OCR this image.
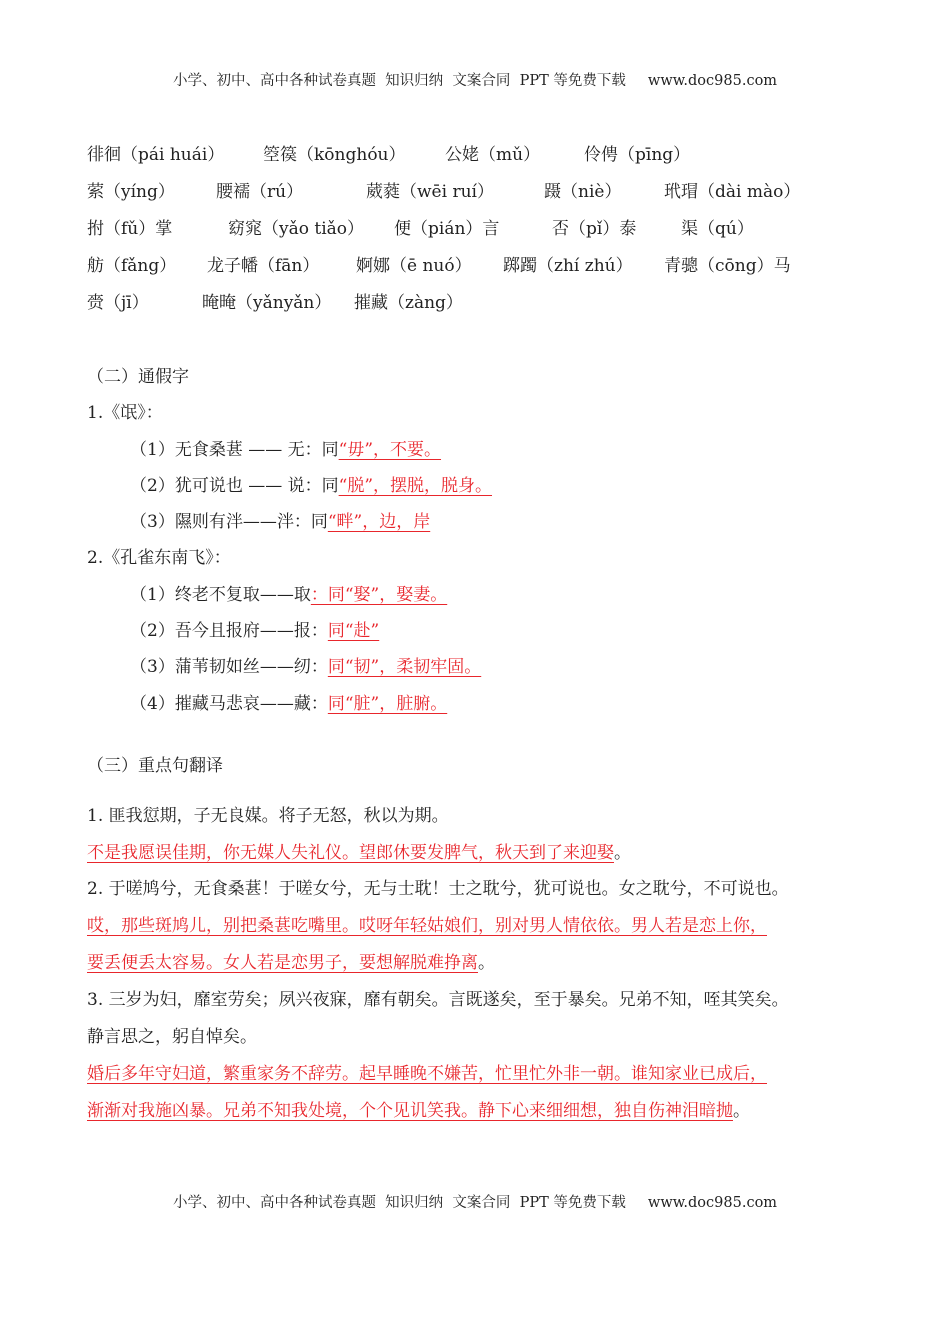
小学、初中、高中各种试卷真题  知识归纳  文案合同  PPT 等免费下载 www.doc985.com
徘徊（pái huái） 箜篌（kōnghóu） 公姥（mǔ）	伶俜（pīng）
萦（yíng） 腰襦（rú）	葳蕤（wēi ruí）	蹑（niè）	玳瑁（dài mào）
拊（fǔ）掌	窈窕（yǎo tiǎo） 便（pián）言	否（pǐ）泰	渠（qú）
舫（fǎng） 龙子幡（fān） 婀娜（ē nuó） 踯躅（zhí zhú） 青骢（cōng）马
赍（jī）	晻晻（yǎnyǎn） 摧藏（zàng）
（二）通假字
1.《氓》：
（1）无食桑葚 —— 无：同“毋”，不要。
（2）犹可说也 —— 说：同“脱”，摆脱，脱身。
（3）隰则有泮——泮：同“畔”，边，岸
2.《孔雀东南飞》：
（1）终老不复取——取：同“娶”，娶妻。
（2）吾今且报府——报：同“赴”
（3）蒲苇韧如丝——纫：同“韧”，柔韧牢固。
（4）摧藏马悲哀——藏：同“脏”，脏腑。
（三）重点句翻译
1. 匪我愆期，子无良媒。将子无怒，秋以为期。
不是我愿误佳期，你无媒人失礼仪。望郎休要发脾气，秋天到了来迎娶。
2. 于嗟鸠兮，无食桑葚！于嗟女兮，无与士耽！士之耽兮，犹可说也。女之耽兮，不可说也。
哎，那些斑鸠儿，别把桑葚吃嘴里。哎呀年轻姑娘们，别对男人情依依。男人若是恋上你，
要丢便丢太容易。女人若是恋男子，要想解脱难挣离。
3. 三岁为妇，靡室劳矣；夙兴夜寐，靡有朝矣。言既遂矣，至于暴矣。兄弟不知，咥其笑矣。
静言思之，躬自悼矣。
婚后多年守妇道，繁重家务不辞劳。起早睡晚不嫌苦，忙里忙外非一朝。谁知家业已成后，
渐渐对我施凶暴。兄弟不知我处境，个个见讥笑我。静下心来细细想，独自伤神泪暗抛。
小学、初中、高中各种试卷真题  知识归纳  文案合同  PPT 等免费下载 www.doc985.com
